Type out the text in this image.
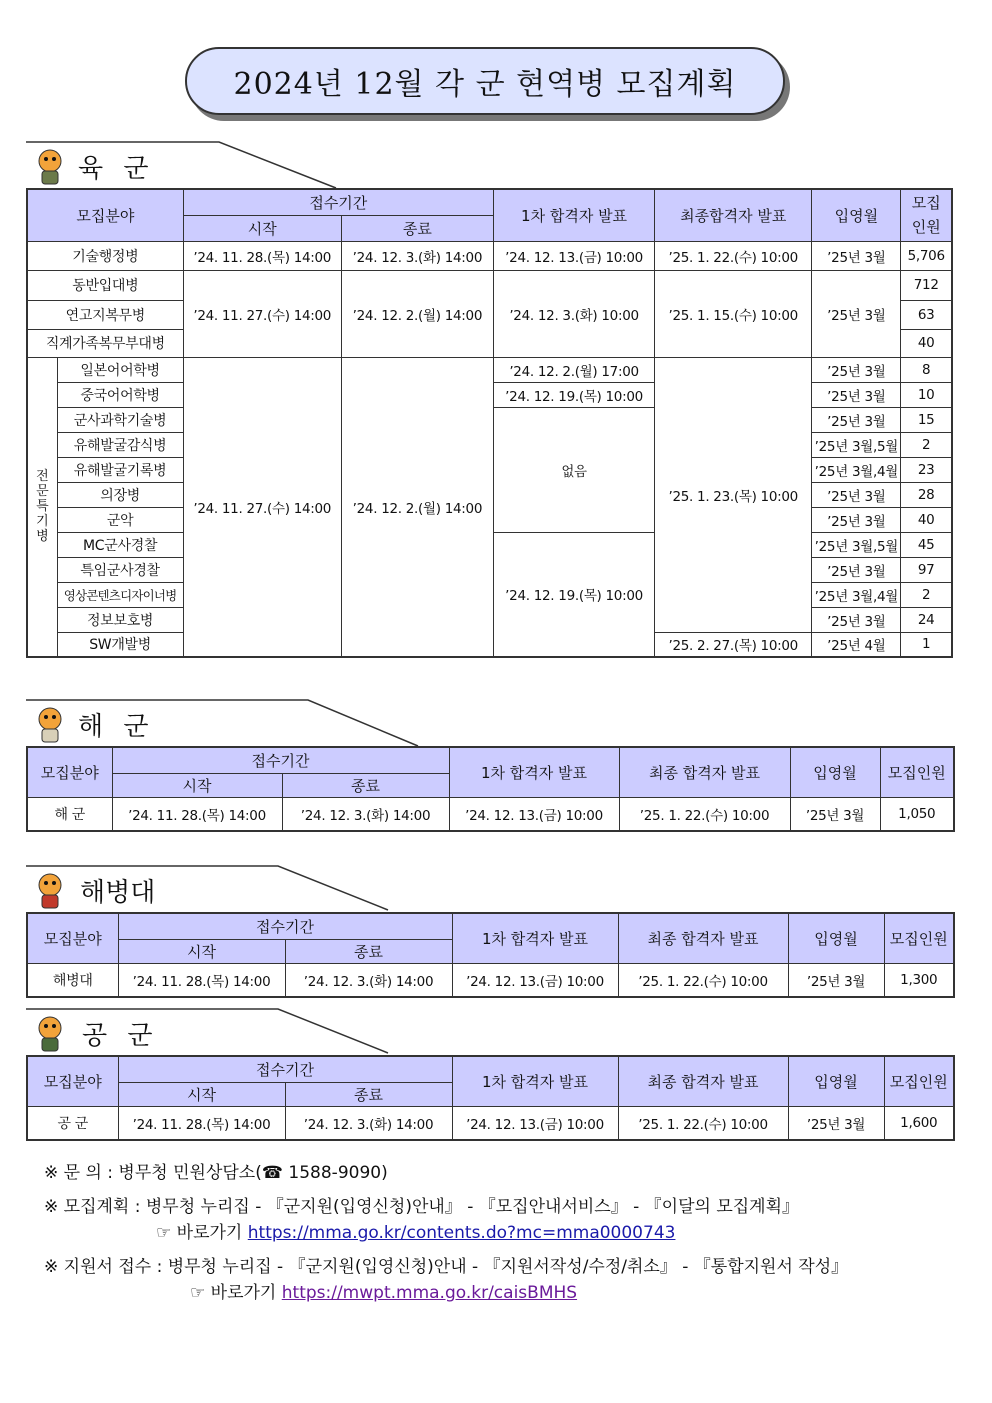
2024년 12월 각 군 현역병 모집계획
육 군
모집분야		접수기간		1차 합격자 발표	최종합격자 발표	입영월	모집
인원
		시작	종료				
기술행정병		’24. 11. 28.(목) 14:00	’24. 12. 3.(화) 14:00	’24. 12. 13.(금) 10:00	’25. 1. 22.(수) 10:00	’25년 3월	5,706
동반입대병		’24. 11. 27.(수) 14:00	’24. 12. 2.(월) 14:00	’24. 12. 3.(화) 10:00	’25. 1. 15.(수) 10:00	’25년 3월	712
연고지복무병							63
직계가족복무부대병							40
전문특기병	일본어어학병	’24. 11. 27.(수) 14:00	’24. 12. 2.(월) 14:00	’24. 12. 2.(월) 17:00	’25. 1. 23.(목) 10:00	’25년 3월	8
	중국어어학병			’24. 12. 19.(목) 10:00		’25년 3월	10
	군사과학기술병			없음		’25년 3월	15
	유해발굴감식병					’25년 3월,5월	2
	유해발굴기록병					’25년 3월,4월	23
	의장병					’25년 3월	28
	군악					’25년 3월	40
	MC군사경찰			’24. 12. 19.(목) 10:00		’25년 3월,5월	45
	특임군사경찰					’25년 3월	97
	영상콘텐츠디자이너병					’25년 3월,4월	2
	정보보호병					’25년 3월	24
	SW개발병				’25. 2. 27.(목) 10:00	’25년 4월	1
해 군
모집분야	접수기간		1차 합격자 발표	최종 합격자 발표	입영월	모집인원
	시작	종료				
해 군	’24. 11. 28.(목) 14:00	’24. 12. 3.(화) 14:00	’24. 12. 13.(금) 10:00	’25. 1. 22.(수) 10:00	’25년 3월	1,050
해병대
모집분야	접수기간		1차 합격자 발표	최종 합격자 발표	입영월	모집인원
	시작	종료				
해병대	’24. 11. 28.(목) 14:00	’24. 12. 3.(화) 14:00	’24. 12. 13.(금) 10:00	’25. 1. 22.(수) 10:00	’25년 3월	1,300
공 군
모집분야	접수기간		1차 합격자 발표	최종 합격자 발표	입영월	모집인원
	시작	종료				
공 군	’24. 11. 28.(목) 14:00	’24. 12. 3.(화) 14:00	’24. 12. 13.(금) 10:00	’25. 1. 22.(수) 10:00	’25년 3월	1,600
※ 문 의 : 병무청 민원상담소(☎ 1588-9090)
※ 모집계획 : 병무청 누리집 - 『군지원(입영신청)안내』 - 『모집안내서비스』 - 『이달의 모집계획』
☞ 바로가기 https://mma.go.kr/contents.do?mc=mma0000743
※ 지원서 접수 : 병무청 누리집 - 『군지원(입영신청)안내 - 『지원서작성/수정/취소』 - 『통합지원서 작성』
☞ 바로가기 https://mwpt.mma.go.kr/caisBMHS
